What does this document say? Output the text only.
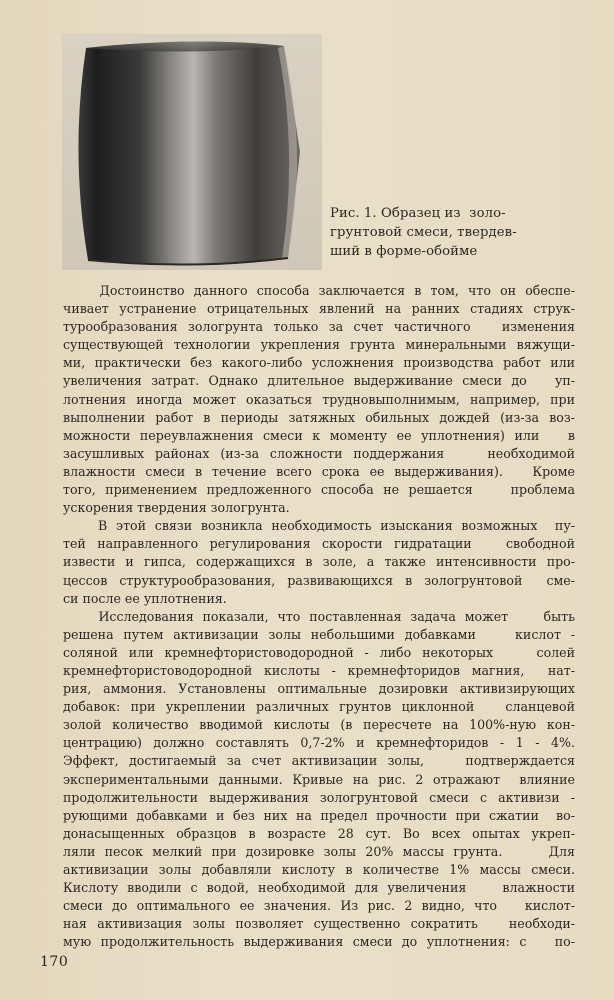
Рис. 1. Образец из  золо-
грунтовой смеси, твердев-
ший в форме-обойме
Достоинство данного способа заключается в том, что он обеспе-
чивает устранение отрицательных явлений на ранних стадиях струк-
турообразования зологрунта только за счет частичного   изменения
существующей технологии укрепления грунта минеральными вяжущи-
ми, практически без какого-либо усложнения производства работ или
увеличения затрат. Однако длительное выдерживание смеси до   уп-
лотнения иногда может оказаться трудновыполнимым, например, при
выполнении работ в периоды затяжных обильных дождей (из-за воз-
можности переувлажнения смеси к моменту ее уплотнения) или   в
засушливых районах (из-за сложности поддержания    необходимой
влажности смеси в течение всего срока ее выдерживания).   Кроме
того, применением предложенного способа не решается    проблема
ускорения твердения зологрунта.
В этой связи возникла необходимость изыскания возможных  пу-
тей направленного регулирования скорости гидратации   свободной
извести и гипса, содержащихся в золе, а также интенсивности про-
цессов структурообразования, развивающихся в зологрунтовой  сме-
си после ее уплотнения.
Исследования показали, что поставленная задача может    быть
решена путем активизации золы небольшими добавками    кислот -
соляной или кремнефтористоводородной - либо некоторых    солей
кремнефтористоводородной кислоты - кремнефторидов магния,  нат-
рия, аммония. Установлены оптимальные дозировки активизирующих
добавок: при укреплении различных грунтов циклонной   сланцевой
золой количество вводимой кислоты (в пересчете на 100%-ную кон-
центрацию) должно составлять 0,7-2% и кремнефторидов - 1 - 4%.
Эффект, достигаемый за счет активизации золы,    подтверждается
экспериментальными данными. Кривые на рис. 2 отражают  влияние
продолжительности выдерживания зологрунтовой смеси с активизи -
рующими добавками и без них на предел прочности при сжатии  во-
донасыщенных образцов в возрасте 28 сут. Во всех опытах укреп-
ляли песок мелкий при дозировке золы 20% массы грунта.     Для
активизации золы добавляли кислоту в количестве 1% массы смеси.
Кислоту вводили с водой, необходимой для увеличения    влажности
смеси до оптимального ее значения. Из рис. 2 видно, что   кислот-
ная активизация золы позволяет существенно сократить   необходи-
мую продолжительность выдерживания смеси до уплотнения: с   по-
170
